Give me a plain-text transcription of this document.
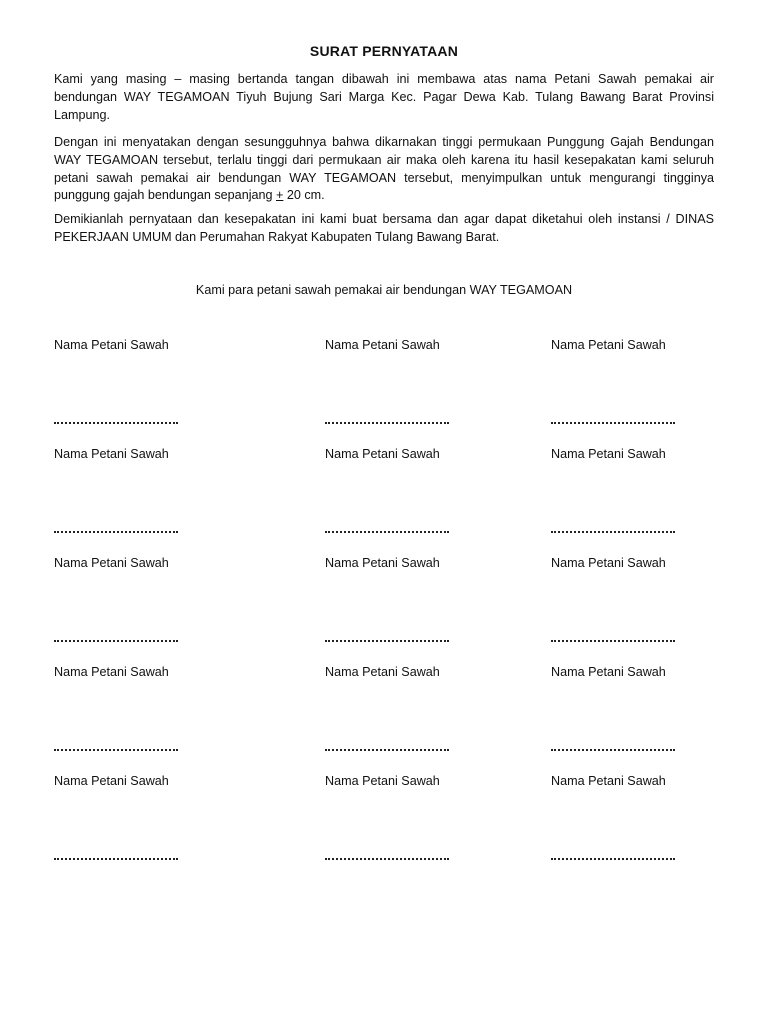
SURAT PERNYATAAN

Kami yang masing – masing bertanda tangan dibawah ini membawa atas nama Petani Sawah pemakai air bendungan WAY TEGAMOAN Tiyuh Bujung Sari Marga Kec. Pagar Dewa Kab. Tulang Bawang Barat Provinsi Lampung.

Dengan ini menyatakan dengan sesungguhnya bahwa dikarnakan tinggi permukaan Punggung Gajah Bendungan WAY TEGAMOAN tersebut, terlalu tinggi dari permukaan air maka oleh karena itu hasil kesepakatan kami seluruh petani sawah pemakai air bendungan WAY TEGAMOAN tersebut, menyimpulkan untuk mengurangi tingginya punggung gajah bendungan sepanjang + 20 cm.

Demikianlah pernyataan dan kesepakatan ini kami buat bersama dan agar dapat diketahui oleh instansi / DINAS PEKERJAAN UMUM dan Perumahan Rakyat Kabupaten Tulang Bawang Barat.

Kami para petani sawah pemakai air bendungan WAY TEGAMOAN
Nama Petani Sawah	Nama Petani Sawah	Nama Petani Sawah
Nama Petani Sawah	Nama Petani Sawah	Nama Petani Sawah
Nama Petani Sawah	Nama Petani Sawah	Nama Petani Sawah
Nama Petani Sawah	Nama Petani Sawah	Nama Petani Sawah
Nama Petani Sawah	Nama Petani Sawah	Nama Petani Sawah
